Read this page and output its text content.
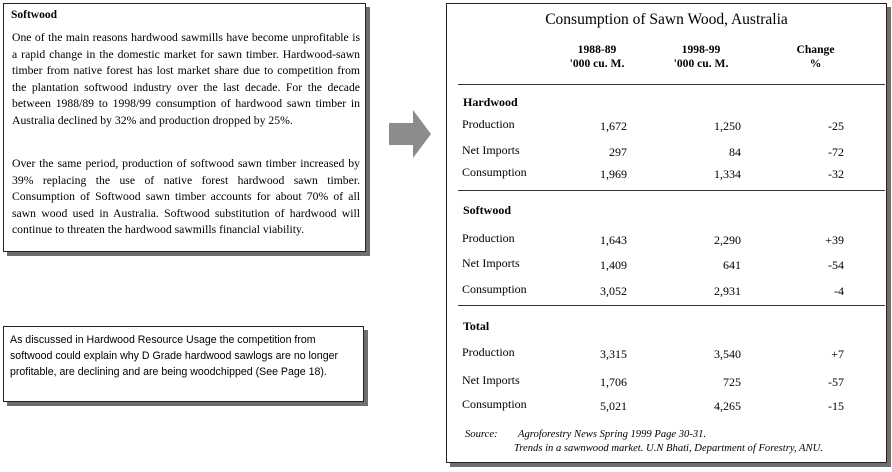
Softwood

One of the main reasons hardwood sawmills have become unprofitable is a rapid change in the domestic market for sawn timber. Hardwood-sawn timber from native forest has lost market share due to competition from the plantation softwood industry over the last decade. For the decade between 1988/89 to 1998/99 consumption of hardwood sawn timber in Australia declined by 32% and production dropped by 25%.

Over the same period, production of softwood sawn timber increased by 39% replacing the use of native forest hardwood sawn timber. Consumption of Softwood sawn timber accounts for about 70% of all sawn wood used in Australia. Softwood substitution of hardwood will continue to threaten the hardwood sawmills financial viability.

As discussed in Hardwood Resource Usage the competition from softwood could explain why D Grade hardwood sawlogs are no longer profitable, are declining and are being woodchipped (See Page 18).
Consumption of Sawn Wood, Australia
1988-89
'000 cu. M.
1998-99
'000 cu. M.
Change
%
Hardwood
Production	1,672	1,250	-25
Net Imports	297	84	-72
Consumption	1,969	1,334	-32
Softwood
Production	1,643	2,290	+39
Net Imports	1,409	641	-54
Consumption	3,052	2,931	-4
Total
Production	3,315	3,540	+7
Net Imports	1,706	725	-57
Consumption	5,021	4,265	-15
Source: Agroforestry News Spring 1999 Page 30-31.
Trends in a sawnwood market. U.N Bhati, Department of Forestry, ANU.
